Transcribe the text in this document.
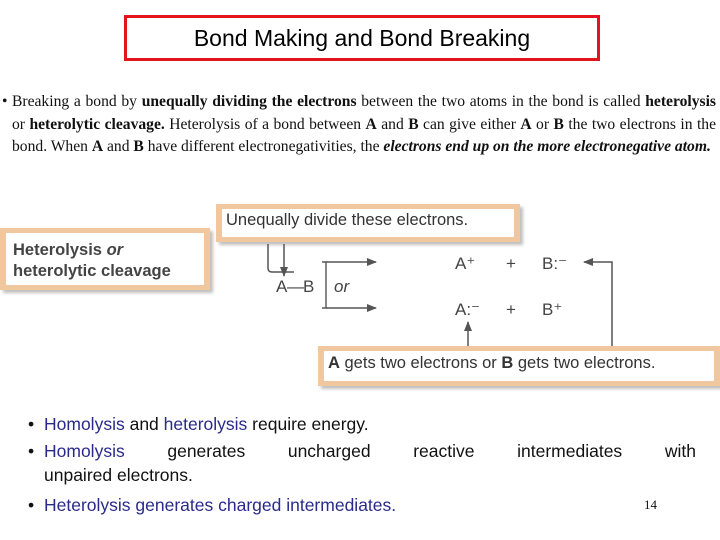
Bond Making and Bond Breaking
• Breaking a bond by unequally dividing the electrons between the two atoms in the bond is called heterolysis or heterolytic cleavage. Heterolysis of a bond between A and B can give either A or B the two electrons in the bond. When A and B have different electronegativities, the electrons end up on the more electronegative atom.
Heterolysis or
heterolytic cleavage
Unequally divide these electrons.
A gets two electrons or B gets two electrons.
A — B or
A⁺ + B:⁻
A:⁻ + B⁺
• Homolysis and heterolysis require energy.
• Homolysis generates uncharged reactive intermediates with
unpaired electrons.
• Heterolysis generates charged intermediates.	14
